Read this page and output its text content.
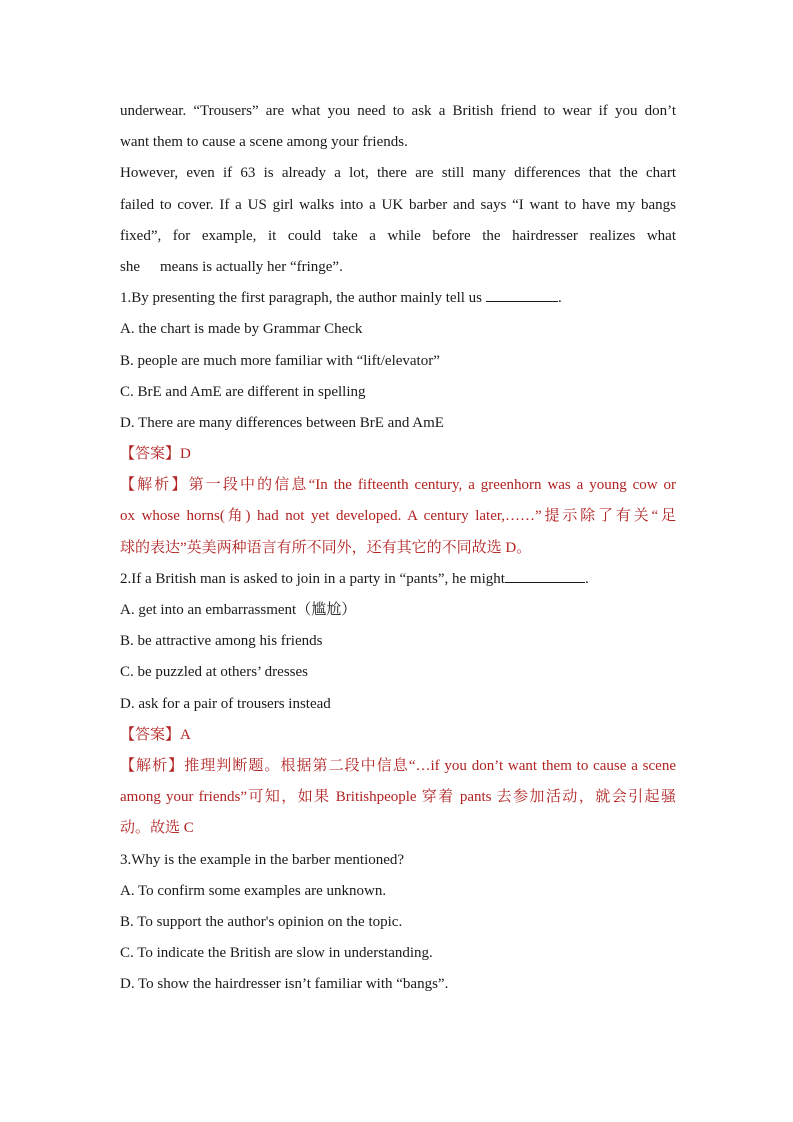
underwear. “Trousers” are what you need to ask a British friend to wear if you don’t
want them to cause a scene among your friends.
However, even if 63 is already a lot, there are still many differences that the chart
failed to cover. If a US girl walks into a UK barber and says “I want to have my bangs
fixed”, for example, it could take a while before the hairdresser realizes what
she means is actually her “fringe”.
1.By presenting the first paragraph, the author mainly tell us	.
A. the chart is made by Grammar Check
B. people are much more familiar with “lift/elevator”
C. BrE and AmE are different in spelling
D. There are many differences between BrE and AmE
【答案】D
【解析】第一段中的信息“In the fifteenth century, a greenhorn was a young cow or
ox whose horns(角) had not yet developed. A century later,……”提示除了有关“足
球的表达”英美两种语言有所不同外，还有其它的不同故选 D。
2.If a British man is asked to join in a party in “pants”, he might	.
A. get into an embarrassment（尴尬）
B. be attractive among his friends
C. be puzzled at others’ dresses
D. ask for a pair of trousers instead
【答案】A
【解析】推理判断题。根据第二段中信息“…if you don’t want them to cause a scene
among your friends”可知，如果 Britishpeople 穿着 pants 去参加活动，就会引起骚
动。故选 C
3.Why is the example in the barber mentioned?
A. To confirm some examples are unknown.
B. To support the author's opinion on the topic.
C. To indicate the British are slow in understanding.
D. To show the hairdresser isn’t familiar with “bangs”.
